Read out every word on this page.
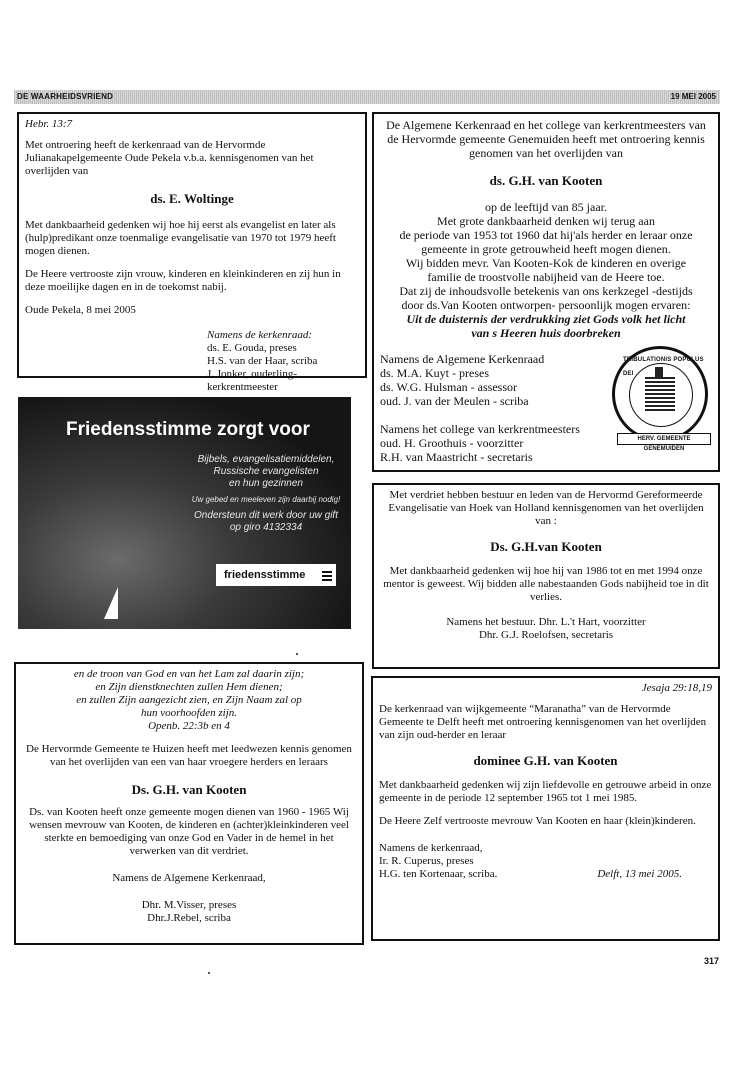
DE WAARHEIDSVRIEND	19 MEI 2005

Hebr. 13:7

Met ontroering heeft de kerkenraad van de Hervormde Julianakapelgemeente Oude Pekela v.b.a. kennisgenomen van het overlijden van

ds. E. Woltinge

Met dankbaarheid gedenken wij hoe hij eerst als evangelist en later als (hulp)predikant onze toenmalige evangelisatie van 1970 tot 1979 heeft mogen dienen.

De Heere vertrooste zijn vrouw, kinderen en kleinkinderen en zij hun in deze moeilijke dagen en in de toekomst nabij.

Oude Pekela, 8 mei 2005

Namens de kerkenraad:

ds. E. Gouda, preses

H.S. van der Haar, scriba

J. Jonker, ouderling-kerkrentmeester

De Algemene Kerkenraad en het college van kerkrentmeesters van de Hervormde gemeente Genemuiden heeft met ontroering kennis genomen van het overlijden van

ds. G.H. van Kooten

op de leeftijd van 85 jaar.

Met grote dankbaarheid denken wij terug aan

de periode van 1953 tot 1960 dat hij'als herder en leraar onze

gemeente in grote getrouwheid heeft mogen dienen.

Wij bidden mevr. Van Kooten-Kok de kinderen en overige

familie de troostvolle nabijheid van de Heere toe.

Dat zij de inhoudsvolle betekenis van ons kerkzegel -destijds

door ds.Van Kooten ontworpen- persoonlijk mogen ervaren:

Uit de duisternis der verdrukking ziet Gods volk het licht

van s Heeren huis doorbreken

Namens de Algemene Kerkenraad

ds. M.A. Kuyt - preses

ds. W.G. Hulsman - assessor

oud. J. van der Meulen - scriba

Namens het college van kerkrentmeesters

oud. H. Groothuis - voorzitter

R.H. van Maastricht - secretaris

TRIBULATIONIS POPULUS DEI
HERV. GEMEENTE GENEMUIDEN
Friedensstimme zorgt voor
Bijbels, evangelisatiemiddelen,
Russische evangelisten
en hun gezinnen
Uw gebed en meeleven zijn daarbij nodig!
Ondersteun dit werk door uw gift
op giro 4132334
friedensstimme

Met verdriet hebben bestuur en leden van de Hervormd Gereformeerde Evangelisatie van Hoek van Holland kennisgenomen van het overlijden van :

Ds. G.H.van Kooten

Met dankbaarheid gedenken wij hoe hij van 1986 tot en met 1994 onze mentor is geweest. Wij bidden alle nabestaanden Gods nabijheid toe in dit verlies.

Namens het bestuur. Dhr. L.'t Hart, voorzitter

Dhr. G.J. Roelofsen, secretaris

en de troon van God en van het Lam zal daarin zijn;

en Zijn dienstknechten zullen Hem dienen;

en zullen Zijn aangezicht zien, en Zijn Naam zal op

hun voorhoofden zijn.

Openb. 22:3b en 4

De Hervormde Gemeente te Huizen heeft met leedwezen kennis genomen van het overlijden van een van haar vroegere herders en leraars

Ds. G.H. van Kooten

Ds. van Kooten heeft onze gemeente mogen dienen van 1960 - 1965 Wij wensen mevrouw van Kooten, de kinderen en (achter)kleinkinderen veel sterkte en bemoediging van onze God en Vader in de hemel in het verwerken van dit verdriet.

Namens de Algemene Kerkenraad,

Dhr. M.Visser, preses

Dhr.J.Rebel, scriba

Jesaja 29:18,19

De kerkenraad van wijkgemeente “Maranatha” van de Hervormde Gemeente te Delft heeft met ontroering kennisgenomen van het overlijden van zijn oud-herder en leraar

dominee G.H. van Kooten

Met dankbaarheid gedenken wij zijn liefdevolle en getrouwe arbeid in onze gemeente in de periode 12 september 1965 tot 1 mei 1985.

De Heere Zelf vertrooste mevrouw Van Kooten en haar (klein)kinderen.

Namens de kerkenraad,

Ir. R. Cuperus, preses

H.G. ten Kortenaar, scriba.	Delft, 13 mei 2005.
317
